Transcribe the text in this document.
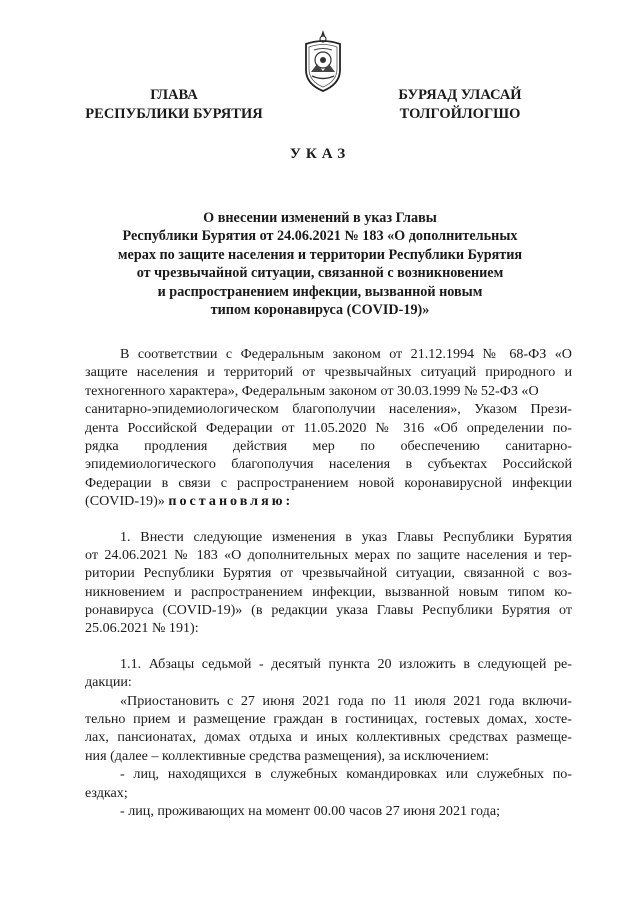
ГЛАВА
РЕСПУБЛИКИ БУРЯТИЯ
БУРЯАД УЛАСАЙ
ТОЛГОЙЛОГШО
УКАЗ
О внесении изменений в указ Главы
Республики Бурятия от 24.06.2021 № 183 «О дополнительных
мерах по защите населения и территории Республики Бурятия
от чрезвычайной ситуации, связанной с возникновением
и распространением инфекции, вызванной новым
типом коронавируса (COVID-19)»
В соответствии с Федеральным законом от 21.12.1994 № 68-ФЗ «О
защите населения и территорий от чрезвычайных ситуаций природного и
техногенного характера», Федеральным законом от 30.03.1999 № 52-ФЗ «О
санитарно-эпидемиологическом благополучии населения», Указом Прези-
дента Российской Федерации от 11.05.2020 № 316 «Об определении по-
рядка продления действия мер по обеспечению санитарно-
эпидемиологического благополучия населения в субъектах Российской
Федерации в связи с распространением новой коронавирусной инфекции
(COVID-19)» постановляю:
1. Внести следующие изменения в указ Главы Республики Бурятия
от 24.06.2021 № 183 «О дополнительных мерах по защите населения и тер-
ритории Республики Бурятия от чрезвычайной ситуации, связанной с воз-
никновением и распространением инфекции, вызванной новым типом ко-
ронавируса (COVID-19)» (в редакции указа Главы Республики Бурятия от
25.06.2021 № 191):
1.1. Абзацы седьмой - десятый пункта 20 изложить в следующей ре-
дакции:
«Приостановить с 27 июня 2021 года по 11 июля 2021 года включи-
тельно прием и размещение граждан в гостиницах, гостевых домах, хосте-
лах, пансионатах, домах отдыха и иных коллективных средствах размеще-
ния (далее – коллективные средства размещения), за исключением:
- лиц, находящихся в служебных командировках или служебных по-
ездках;
- лиц, проживающих на момент 00.00 часов 27 июня 2021 года;
